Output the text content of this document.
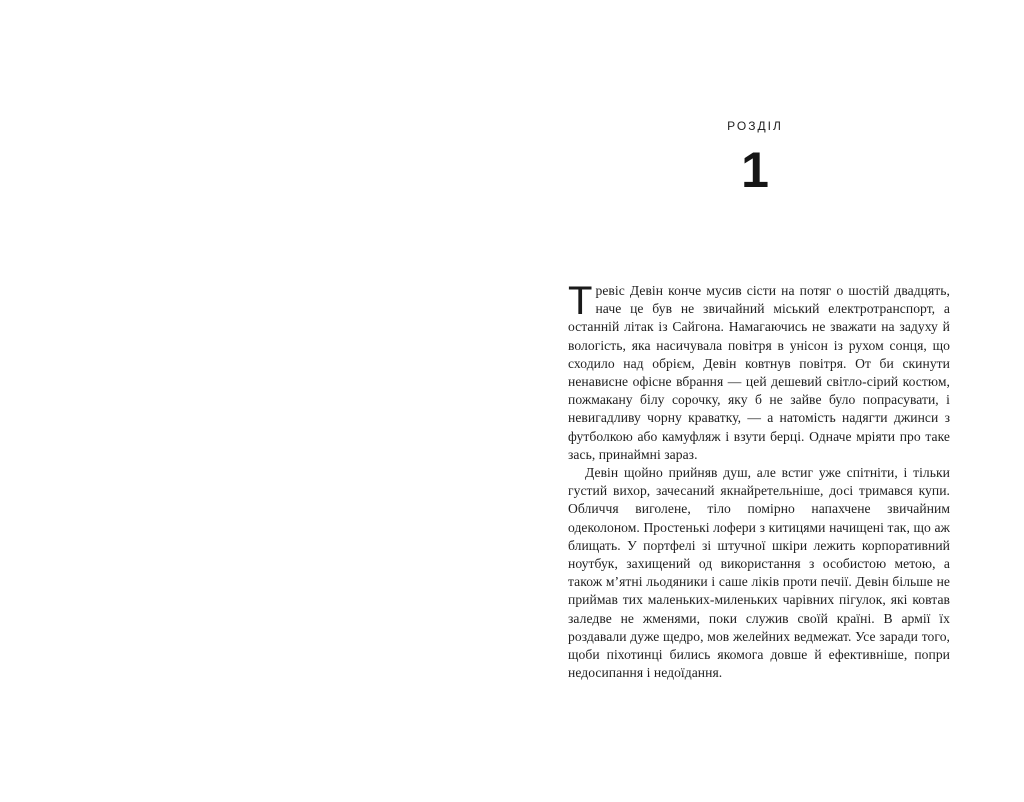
РОЗДІЛ
1

Тревіс Девін конче мусив сісти на потяг о шостій двадцять, наче це був не звичайний міський електротранспорт, а останній літак із Сайгона. Намагаючись не зважати на задуху й вологість, яка насичувала повітря в унісон із рухом сонця, що сходило над обрієм, Девін ковтнув повітря. От би скинути ненависне офісне вбрання — цей дешевий світло-сірий костюм, пожмакану білу сорочку, яку б не зайве було попрасувати, і невигадливу чорну краватку, — а натомість надягти джинси з футболкою або камуфляж і взути берці. Одначе мріяти про таке зась, принаймні зараз.

Девін щойно прийняв душ, але встиг уже спітніти, і тільки густий вихор, зачесаний якнайретельніше, досі тримався купи. Обличчя виголене, тіло помірно напахчене звичайним одеколоном. Простенькі лофери з китицями начищені так, що аж блищать. У портфелі зі штучної шкіри лежить корпоративний ноутбук, захищений од використання з особистою метою, а також м’ятні льодяники і саше ліків проти печії. Девін більше не приймав тих маленьких-миленьких чарівних пігулок, які ковтав заледве не жменями, поки служив своїй країні. В армії їх роздавали дуже щедро, мов желейних ведмежат. Усе заради того, щоби піхотинці бились якомога довше й ефективніше, попри недосипання і недоїдання.
